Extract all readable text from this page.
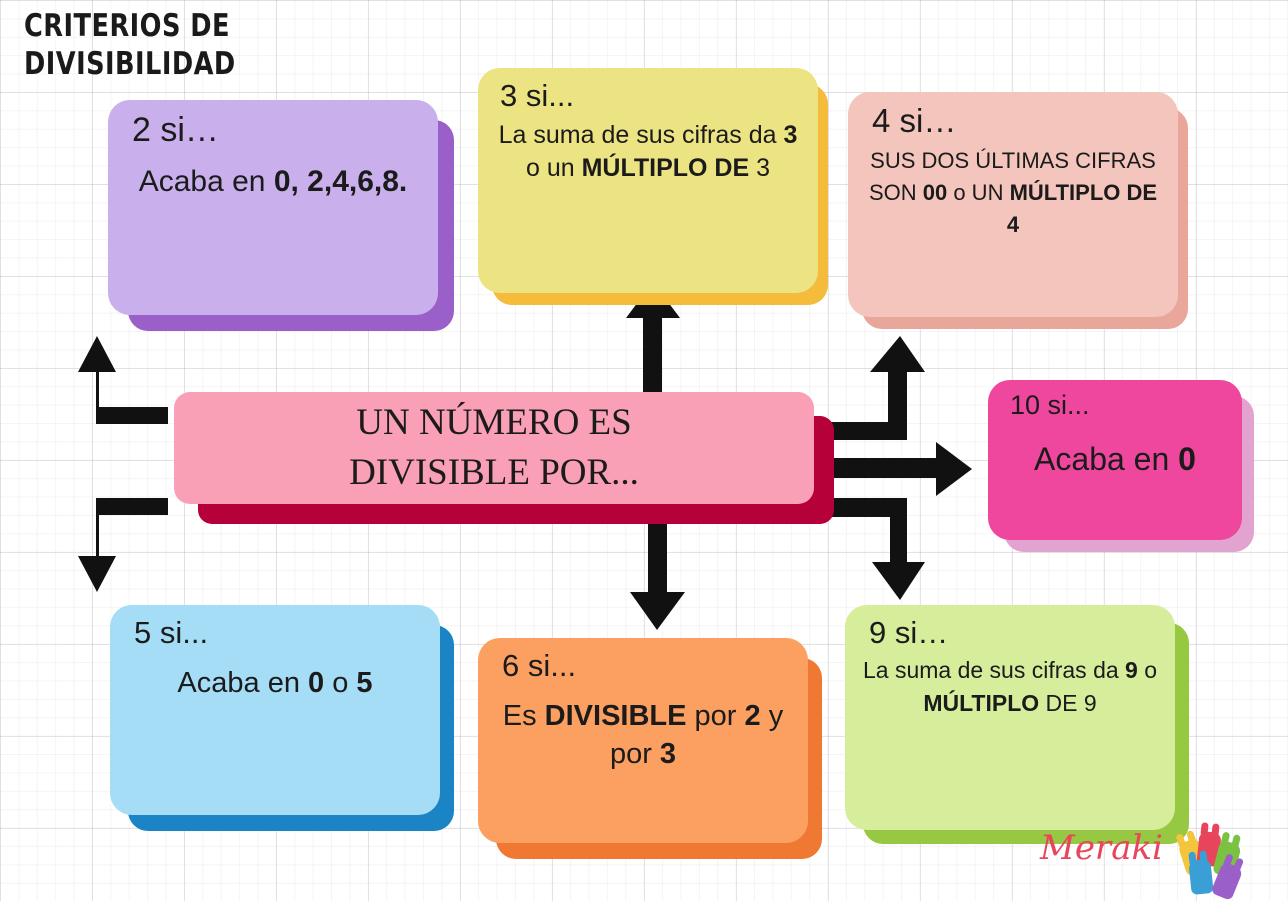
CRITERIOS DE DIVISIBILIDAD
UN NÚMERO ES
DIVISIBLE POR...
2 si…
Acaba en 0, 2,4,6,8.
3 si...
La suma de sus cifras da 3 o un MÚLTIPLO DE 3
4 si…
SUS DOS ÚLTIMAS CIFRAS SON 00 o UN MÚLTIPLO DE 4
10 si...
Acaba en 0
5 si...
Acaba en 0 o 5	6 si...
Es DIVISIBLE por 2 y por 3
9 si…
La suma de sus cifras da 9 o MÚLTIPLO DE 9
Meraki
